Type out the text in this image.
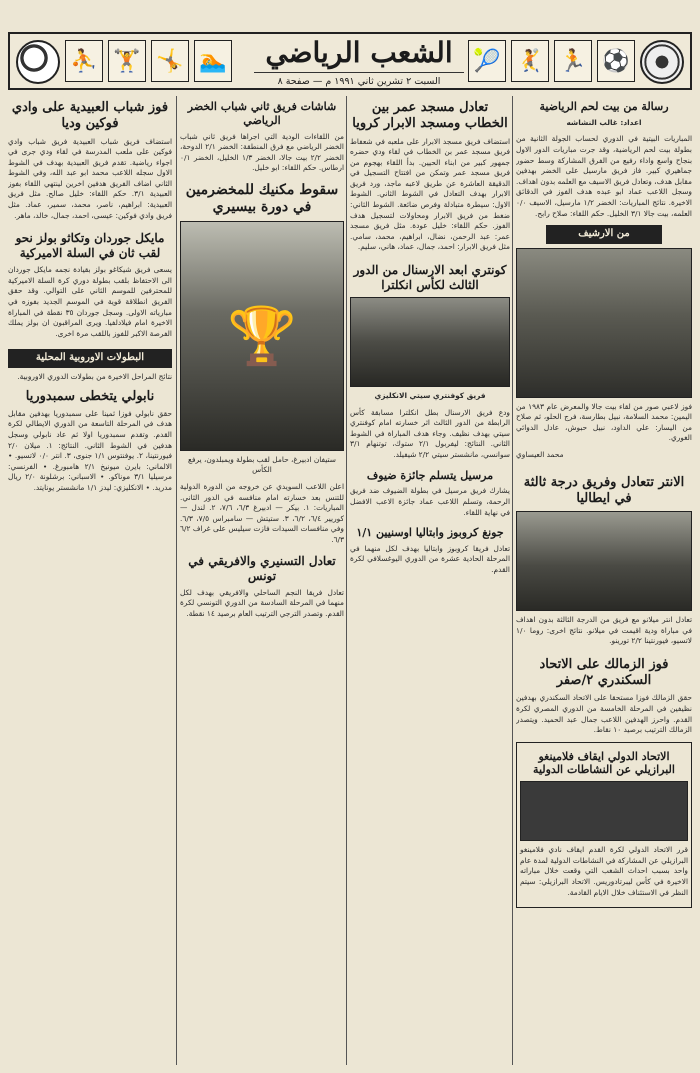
⛹ 🏋 🤸 🏊	الشعب الرياضي
السبت ٢ تشرين ثاني ١٩٩١ م — صفحة ٨
🎾 🤾 🏃 ⚽
رسالة من بيت لحم الرياضية
اعداد: غالب النشاشه
المباريات البيتية في الدوري لحساب الجولة الثانية من بطولة بيت لحم الرياضية، وقد جرت مباريات الدور الاول بنجاح واسع واداء رفيع من الفرق المشاركة وسط حضور جماهيري كبير. فاز فريق مارسيل على الخضر بهدفين مقابل هدف، وتعادل فريق الاسيف مع العلمه بدون اهداف. وسجل اللاعب عماد ابو عبده هدف الفوز في الدقائق الاخيرة. نتائج المباريات: الخضر ١/٢ مارسيل، الاسيف ٠/٠ العلمه، بيت جالا ٣/١ الخليل. حكم اللقاء: صلاح رابح.
من الارشيف
فوز لاعبي صور من لقاء بيت جالا والمعرض عام ١٩٨٣ من اليمين: محمد السلامة، نبيل بطارسة، فرج الحلو، ثم صلاح من اليسار: علي الداود، نبيل حبوش، عادل الدوائي الغوري.
محمد العيساوي
الانتر تتعادل وفريق درجة ثالثة في ايطاليا
تعادل انتر ميلانو مع فريق من الدرجة الثالثة بدون اهداف في مباراة ودية اقيمت في ميلانو. نتائج اخرى: روما ١/٠ لاتسيو، فيورنتينا ٢/٢ تورينو.
فوز الزمالك على الاتحاد السكندري ٢/صفر
حقق الزمالك فوزا مستحقا على الاتحاد السكندري بهدفين نظيفين في المرحلة الخامسة من الدوري المصري لكرة القدم. واحرز الهدفين اللاعب جمال عبد الحميد. ويتصدر الزمالك الترتيب برصيد ١٠ نقاط.
الاتحاد الدولي ايقاف فلامينغو البرازيلي عن النشاطات الدولية
قرر الاتحاد الدولي لكرة القدم ايقاف نادي فلامينغو البرازيلي عن المشاركة في النشاطات الدولية لمدة عام واحد بسبب احداث الشغب التي وقعت خلال مباراته الاخيرة في كأس ليبرتادوريس. الاتحاد البرازيلي: سيتم النظر في الاستئناف خلال الايام القادمة.
تعادل مسجد عمر بين الخطاب ومسجد الابرار كرويا
استضاف فريق مسجد الابرار على ملعبه في شعفاط فريق مسجد عمر بن الخطاب في لقاء ودي حضره جمهور كبير من ابناء الحيين. بدأ اللقاء بهجوم من فريق مسجد عمر وتمكن من افتتاح التسجيل في الدقيقة العاشرة عن طريق لاعبه ماجد، ورد فريق الابرار بهدف التعادل في الشوط الثاني. الشوط الاول: سيطرة متبادلة وفرص ضائعة. الشوط الثاني: ضغط من فريق الابرار ومحاولات لتسجيل هدف الفوز. حكم اللقاء: خليل عودة. مثل فريق مسجد عمر: عبد الرحمن، نضال، ابراهيم، محمد، سامي. مثل فريق الابرار: احمد، جمال، عماد، هاني، سليم.
كونتري ابعد الارسنال من الدور الثالث لكأس انكلترا
فريق كوفنتري سيتي الانكليزي
ودع فريق الارسنال بطل انكلترا مسابقة كأس الرابطة من الدور الثالث اثر خسارته امام كوفنتري سيتي بهدف نظيف. وجاء هدف المباراة في الشوط الثاني. النتائج: ليفربول ٢/١ ستوك، توتنهام ٣/١ سوانسي، مانشستر سيتي ٢/٢ شيفيلد.
مرسيل يتسلم جائزة ضيوف
يشارك فريق مرسيل في بطولة الضيوف ضد فريق الرحمة، وتسلم اللاعب عماد جائزة الاعب الافضل في نهاية اللقاء.
جونغ كروبوز وابتاليا اوسنيين ١/١
تعادل فريقا كروبوز وابتاليا بهدف لكل منهما في المرحلة الحادية عشرة من الدوري اليوغسلافي لكرة القدم.
شاشات فريق ثاني شباب الخضر الرياضي
من اللقاءات الودية التي اجراها فريق ثاني شباب الخضر الرياضي مع فرق المنطقة: الخضر ٢/١ الدوحة، الخضر ٢/٢ بيت جالا، الخضر ١/٣ الخليل، الخضر ٠/١ ارطاس. حكم اللقاء: ابو خليل.
سقوط مكنيك للمخضرمين في دورة بيسيري
🏆
ستيفان ادبيرغ، حامل لقب بطولة ويمبلدون، يرفع الكأس
اعلن اللاعب السويدي عن خروجه من الدورة الدولية للتنس بعد خسارته امام منافسه في الدور الثاني. المباريات: ١. بيكر — ادبيرغ ٦/٣، ٧/٦، ٢. لندل — كوريير ٦/٤، ٦/٢، ٣. ستيتش — سامبراس ٧/٥، ٦/٣. وفي منافسات السيدات فازت سيليس على غراف ٦/٢ ٦/٣.
تعادل التسنيري والافريقي في تونس
تعادل فريقا النجم الساحلي والافريقي بهدف لكل منهما في المرحلة السادسة من الدوري التونسي لكرة القدم. وتصدر الترجي الترتيب العام برصيد ١٤ نقطة.
فوز شباب العبيدية على وادي فوكين وديا
استضاف فريق شباب العبيدية فريق شباب وادي فوكين على ملعب المدرسة في لقاء ودي جرى في اجواء رياضية. تقدم فريق العبيدية بهدف في الشوط الاول سجله اللاعب محمد ابو عبد الله، وفي الشوط الثاني اضاف الفريق هدفين اخرين لينتهي اللقاء بفوز العبيدية ٣/١. حكم اللقاء: خليل صالح. مثل فريق العبيدية: ابراهيم، ناصر، محمد، سمير، عماد. مثل فريق وادي فوكين: عيسى، احمد، جمال، خالد، ماهر.
مايكل جوردان وتكاثو بولز نحو لقب ثان في السلة الاميركية
يسعى فريق شيكاغو بولز بقيادة نجمه مايكل جوردان الى الاحتفاظ بلقب بطولة دوري كرة السلة الاميركية للمحترفين للموسم الثاني على التوالي. وقد حقق الفريق انطلاقة قوية في الموسم الجديد بفوزه في مبارياته الاولى. وسجل جوردان ٣٥ نقطة في المباراة الاخيرة امام فيلادلفيا. ويرى المراقبون ان بولز يملك الفرصة الاكبر للفوز باللقب مرة اخرى.
البطولات الاوروبية المحلية
نتائج المراحل الاخيرة من بطولات الدوري الاوروبية.
نابولي يتخطى سمبدوريا
حقق نابولي فوزا ثمينا على سمبدوريا بهدفين مقابل هدف في المرحلة التاسعة من الدوري الايطالي لكرة القدم. وتقدم سمبدوريا اولا ثم عاد نابولي وسجل هدفين في الشوط الثاني. النتائج: ١. ميلان ٢/٠ فيورنتينا، ٢. يوفنتوس ١/١ جنوى، ٣. انتر ٠/٠ لاتسيو. • الالماني: بايرن ميونيخ ٢/١ هامبورغ. • الفرنسي: مرسيليا ٣/١ موناكو. • الاسباني: برشلونة ٢/٠ ريال مدريد. • الانكليزي: ليدز ١/١ مانشستر يونايتد.
